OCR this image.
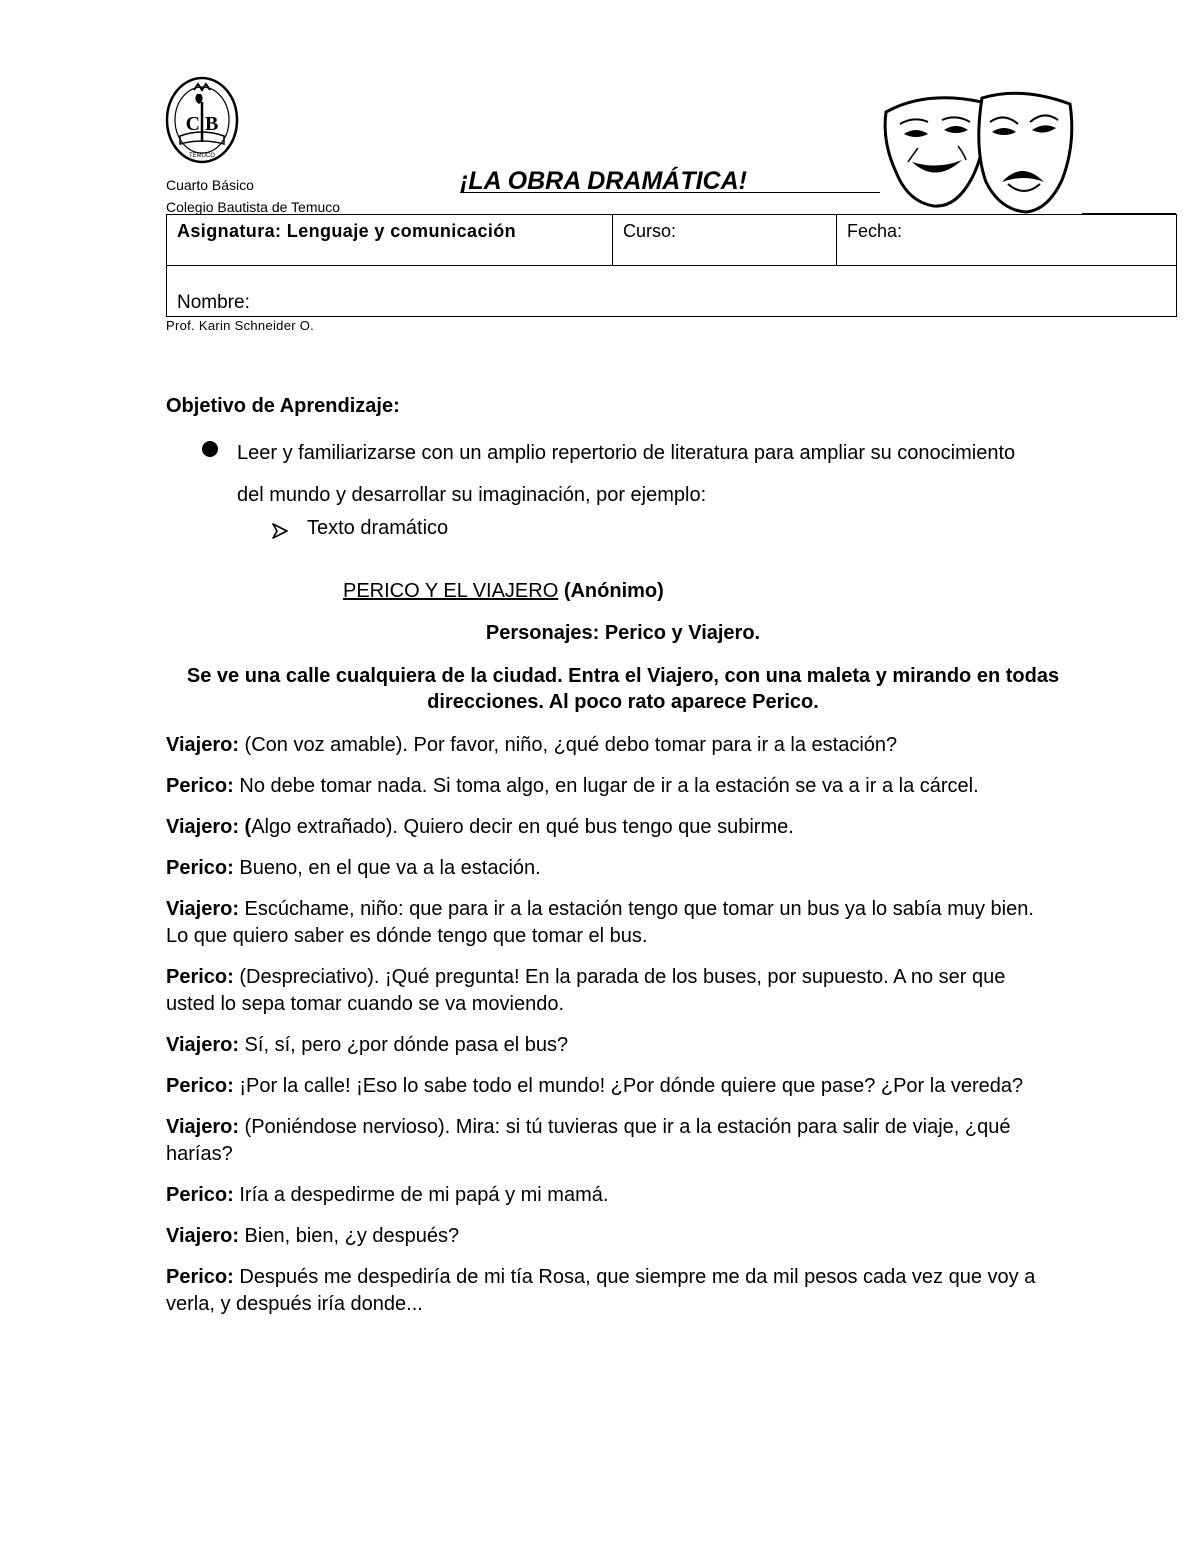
C B
TEMUCO
Cuarto Básico
Colegio Bautista de Temuco
¡LA OBRA DRAMÁTICA!
Asignatura: Lenguaje y comunicación	Curso:	Fecha:

Nombre:
Prof. Karin Schneider O.
Objetivo de Aprendizaje:
Leer y familiarizarse con un amplio repertorio de literatura para ampliar su conocimiento del mundo y desarrollar su imaginación, por ejemplo:
Texto dramático
PERICO Y EL VIAJERO (Anónimo)
Personajes: Perico y Viajero.
Se ve una calle cualquiera de la ciudad. Entra el Viajero, con una maleta y mirando en todas direcciones. Al poco rato aparece Perico.

Viajero: (Con voz amable). Por favor, niño, ¿qué debo tomar para ir a la estación?

Perico: No debe tomar nada. Si toma algo, en lugar de ir a la estación se va a ir a la cárcel.

Viajero: (Algo extrañado). Quiero decir en qué bus tengo que subirme.

Perico: Bueno, en el que va a la estación.

Viajero: Escúchame, niño: que para ir a la estación tengo que tomar un bus ya lo sabía muy bien. Lo que quiero saber es dónde tengo que tomar el bus.

Perico: (Despreciativo). ¡Qué pregunta! En la parada de los buses, por supuesto. A no ser que usted lo sepa tomar cuando se va moviendo.

Viajero: Sí, sí, pero ¿por dónde pasa el bus?

Perico: ¡Por la calle! ¡Eso lo sabe todo el mundo! ¿Por dónde quiere que pase? ¿Por la vereda?

Viajero: (Poniéndose nervioso). Mira: si tú tuvieras que ir a la estación para salir de viaje, ¿qué harías?

Perico: Iría a despedirme de mi papá y mi mamá.

Viajero: Bien, bien, ¿y después?

Perico: Después me despediría de mi tía Rosa, que siempre me da mil pesos cada vez que voy a verla, y después iría donde...
